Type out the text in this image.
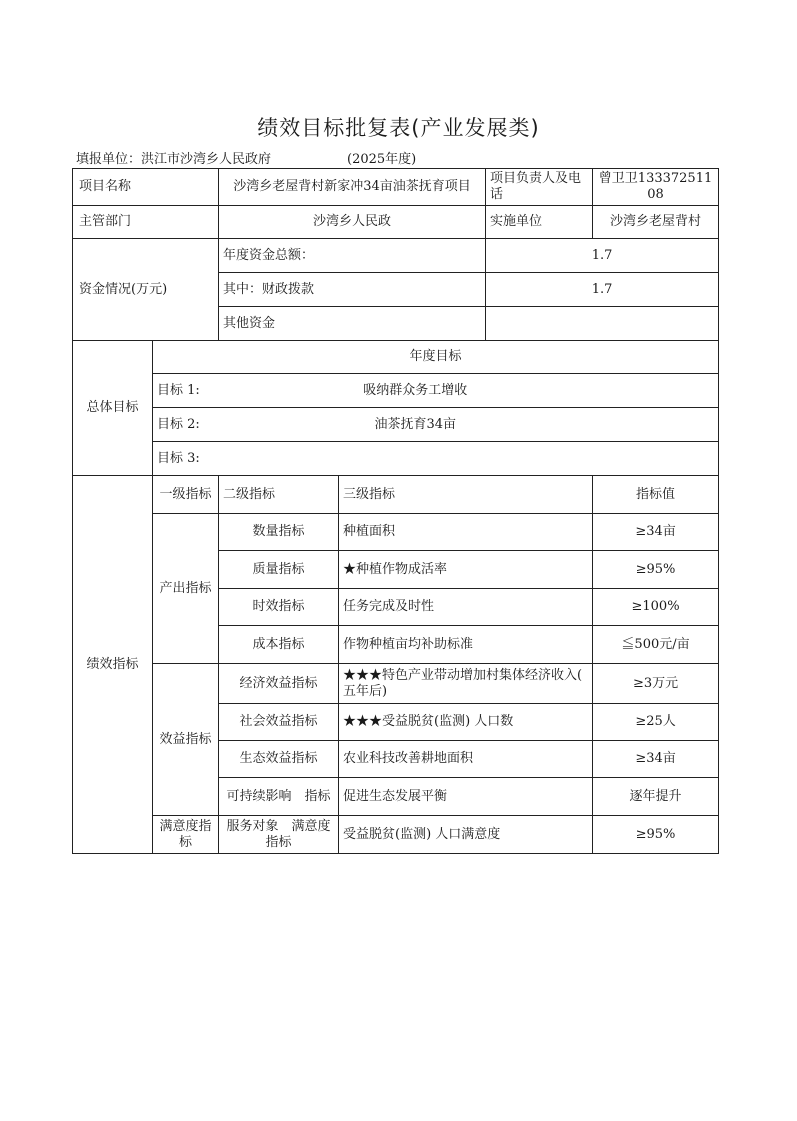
绩效目标批复表(产业发展类)
填报单位：洪江市沙湾乡人民政府	(2025年度)
项目名称		沙湾乡老屋背村新家冲34亩油茶抚育项目		项目负责人及电话	曾卫卫13337251108
主管部门		沙湾乡人民政		实施单位	沙湾乡老屋背村
资金情况(万元)		年度资金总额：		1.7	
		其中：财政拨款		1.7	
		其他资金			
总体目标	年度目标				
	目标 1:	吸纳群众务工增收			
	目标 2:	油茶抚育34亩			
	目标 3:				
绩效指标	一级指标	二级指标	三级指标		指标值
	产出指标	数量指标	种植面积		≥34亩
		质量指标	★种植作物成活率		≥95%
		时效指标	任务完成及时性		≥100%
		成本指标	作物种植亩均补助标准		≦500元/亩
	效益指标	经济效益指标	★★★特色产业带动增加村集体经济收入( 五年后)		≥3万元
		社会效益指标	★★★受益脱贫(监测) 人口数		≥25人
		生态效益指标	农业科技改善耕地面积		≥34亩
		可持续影响　指标	促进生态发展平衡		逐年提升
	满意度指标	服务对象　满意度指标	受益脱贫(监测) 人口满意度		≥95%
